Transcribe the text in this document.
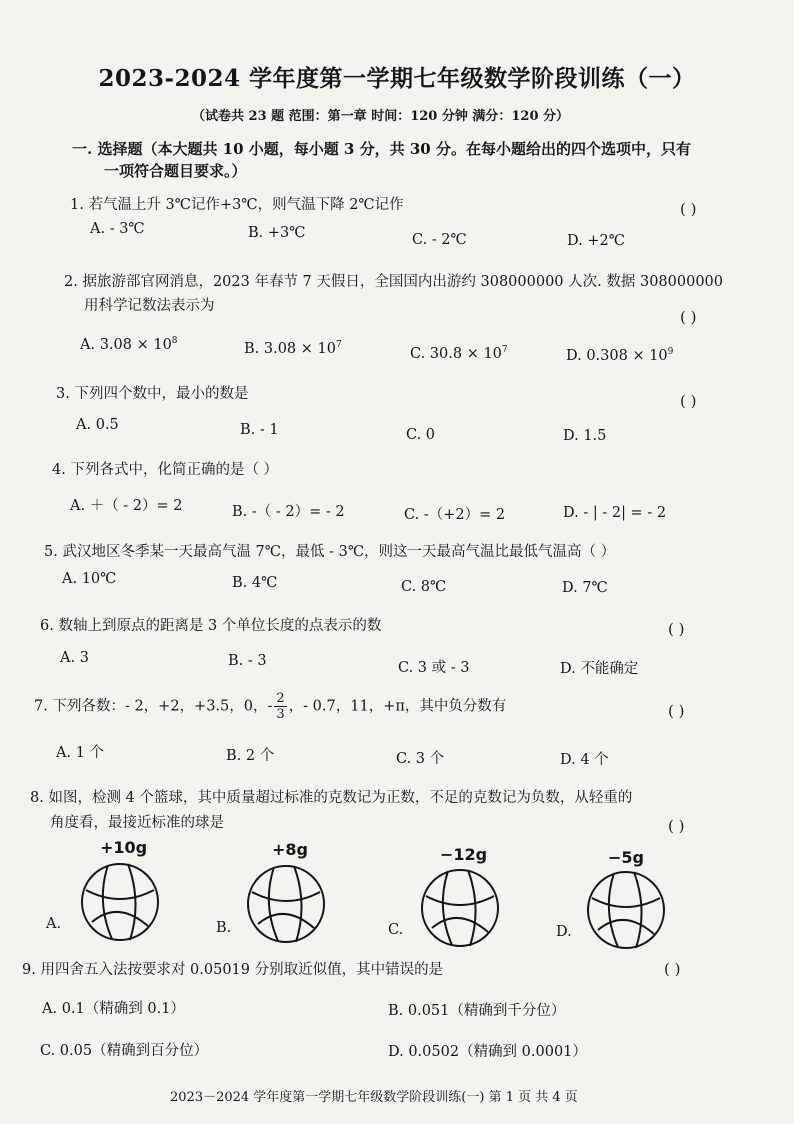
2023-2024 学年度第一学期七年级数学阶段训练（一）
（试卷共 23 题 范围：第一章 时间：120 分钟 满分：120 分）
一. 选择题（本大题共 10 小题，每小题 3 分，共 30 分。在每小题给出的四个选项中，只有
一项符合题目要求。）
1. 若气温上升 3℃记作+3℃，则气温下降 2℃记作	( )
A. - 3℃	B. +3℃	C. - 2℃	D. +2℃
2. 据旅游部官网消息，2023 年春节 7 天假日，全国国内出游约 308000000 人次. 数据 308000000
用科学记数法表示为
( )
A. $3.08 \times 10^8$	B. $3.08 \times 10^7$
C. $30.8 \times 10^7$	D. $0.308 \times 10^9$
3. 下列四个数中，最小的数是	( )
A. 0.5	B. - 1	C. 0	D. 1.5
4. 下列各式中，化简正确的是（ ）
A. ＋（ - 2）= 2	B. -（ - 2）= - 2	C. -（+2）= 2	D. - | - 2| = - 2
5. 武汉地区冬季某一天最高气温 7℃，最低 - 3℃，则这一天最高气温比最低气温高（ ）
A. 10℃	B. 4℃	C. 8℃	D. 7℃
6. 数轴上到原点的距离是 3 个单位长度的点表示的数	( )
A. 3	B. - 3	C. 3 或 - 3	D. 不能确定
7. 下列各数：- 2，+2，+3.5，0，- $\frac{2}{3}$ ，- 0.7，11，+π，其中负分数有	( )
A. 1 个	B. 2 个	C. 3 个	D. 4 个
8. 如图，检测 4 个篮球，其中质量超过标准的克数记为正数，不足的克数记为负数，从轻重的
角度看，最接近标准的球是	( )
+10g	+8g	−12g	−5g
A.	B.	C.	D.
9. 用四舍五入法按要求对 0.05019 分别取近似值，其中错误的是	( )
A. 0.1（精确到 0.1）	B. 0.051（精确到千分位）
C. 0.05（精确到百分位）	D. 0.0502（精确到 0.0001）
2023－2024 学年度第一学期七年级数学阶段训练(一) 第 1 页 共 4 页
